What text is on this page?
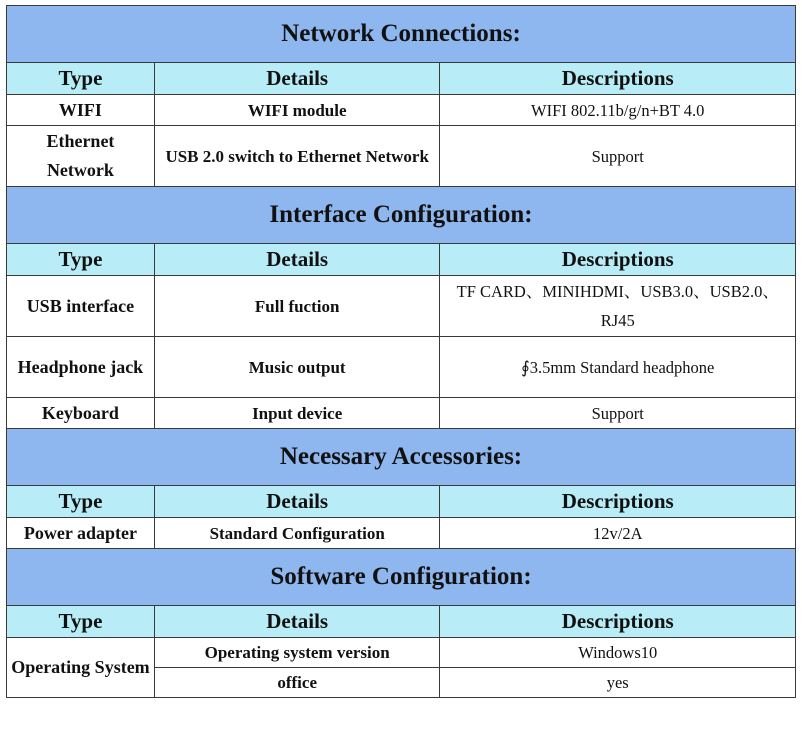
Network Connections:		
Type	Details	Descriptions
WIFI	WIFI module	WIFI 802.11b/g/n+BT 4.0
Ethernet Network	USB 2.0 switch to Ethernet Network	Support
Interface Configuration:		
Type	Details	Descriptions
USB interface	Full fuction	TF CARD、MINIHDMI、USB3.0、USB2.0、RJ45
Headphone jack	Music output	∮3.5mm Standard headphone
Keyboard	Input device	Support
Necessary Accessories:		
Type	Details	Descriptions
Power adapter	Standard Configuration	12v/2A
Software Configuration:		
Type	Details	Descriptions
Operating System	Operating system version	Windows10
	office	yes
